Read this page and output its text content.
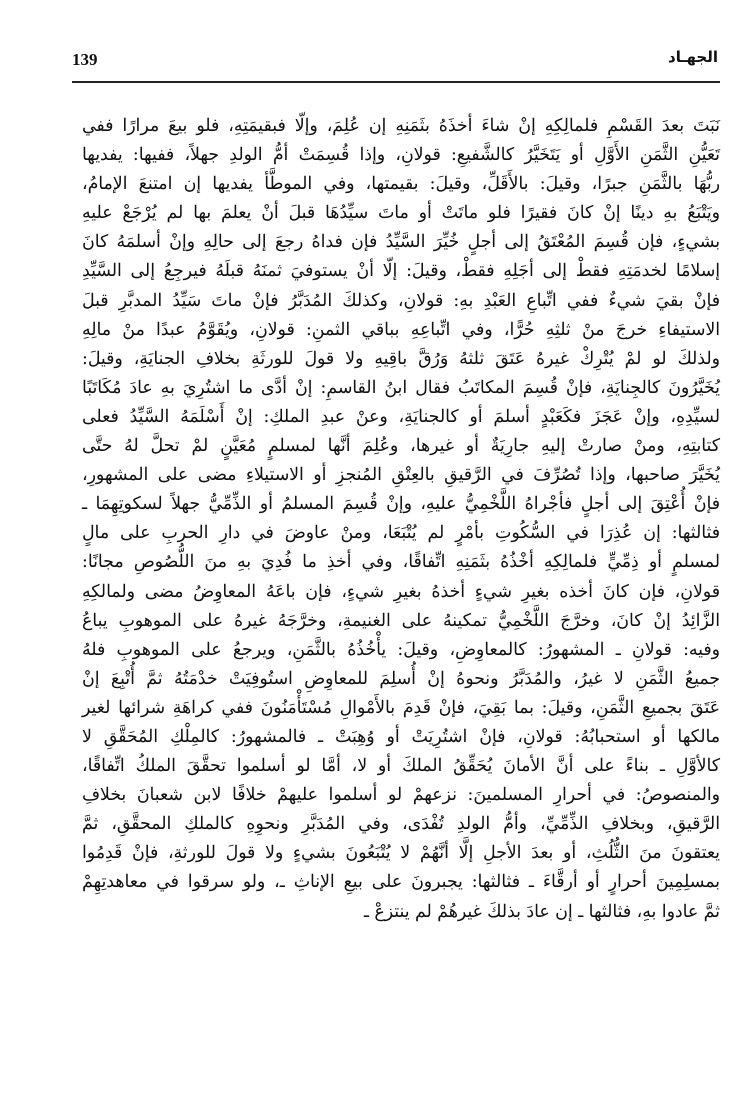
139	الجهـاد
نَبَتَ بعدَ القَسْمِ فلمالِكِهِ إنْ شاءَ أخذَهُ بثَمَنِهِ إن عُلِمَ، وإلّا فبقيمَتِهِ، فلو بيعَ مرارًا ففي
تَعَيُّنِ الثَّمَنِ الأَوَّلِ أو يَتَخَيَّرُ كالشَّفيعِ: قولانِ، وإذا قُسِمَتْ أمُّ الولدِ جهلاً، ففيها: يفديها
ربُّهَا بالثَّمَنِ جبرًا، وقيلَ: بالأَقَلِّ، وقيلَ: بقيمتها، وفي الموطَّأ يفديها إن امتنعَ الإمامُ،
ويَتْبَعُ بهِ دينًا إنْ كانَ فقيرًا فلو ماتَتْ أو ماتَ سيِّدُهَا قبلَ أنْ يعلمَ بها لم يُرْجَعْ عليهِ
بشيءٍ، فإن قُسِمَ المُعْتَقُ إلى أجلٍ خُيِّرَ السَّيِّدُ فإن فداهُ رجعَ إلى حالِهِ وإنْ أسلمَهُ كانَ
إسلامًا لخدمَتِهِ فقطْ إلى أجَلِهِ فقطْ، وقيلَ: إلّا أنْ يستوفيَ ثمنَهُ قبلَهُ فيرجِعُ إلى السَّيِّدِ
فإنْ بقيَ شيءٌ ففي اتِّباعِ العَبْدِ بهِ: قولانِ، وكذلكَ المُدَبَّرُ فإنْ ماتَ سَيِّدُ المدبَّرِ قبلَ
الاستيفاءِ خرجَ منْ ثلثِهِ حُرًّا، وفي اتِّباعِهِ بباقي الثمنِ: قولانِ، ويُقَوَّمُ عبدًا منْ مالِهِ
ولذلكَ لو لمْ يُتْرِكْ غيرهُ عَتَقَ ثلثهُ وَرُقَّ باقِيهِ ولا قولَ للورثَةِ بخلافِ الجنايَةِ، وقيلَ:
يُخَيَّرُونَ كالجِنايَةِ، فإنْ قُسِمَ المكاتَبُ فقال ابنُ القاسمِ: إنْ أدَّى ما اشتُرِيَ بهِ عادَ مُكَاتَبًا
لسيِّدِهِ، وإنْ عَجَزَ فكَعَبْدٍ أسلمَ أو كالجنايَةِ، وعنْ عبدِ الملكِ: إنْ أَسْلَمَهُ السَّيِّدُ فعلى
كتابتِهِ، ومنْ صارتْ إليهِ جارِيَةٌ أو غيرها، وعُلِمَ أنَّها لمسلمٍ مُعَيَّنٍ لمْ تحلَّ لهُ حتَّى
يُخَيَّرَ صاحبها، وإذا تُصُرِّفَ في الرَّقيقِ بالعِتْقِ المُنجزِ أو الاستيلاءِ مضى على المشهورِ،
فإنْ أُعْتِقَ إلى أجلٍ فأجْراهُ اللَّخْمِيُّ عليهِ، وإنْ قُسِمَ المسلمُ أو الذِّمِّيُّ جهلاً لسكوتِهِمَا ـ
فثالثها: إن عُذِرَا في السُّكُوتِ بأمْرٍ لم يُتْبَعَا، ومنْ عاوضَ في دارِ الحربِ على مالٍ
لمسلمٍ أو ذِمِّيٍّ فلمالِكِهِ أخْذُهُ بثَمَنِهِ اتِّفاقًا، وفي أخذِ ما فُدِيَ بهِ منَ اللُّصُوصِ مجانًا:
قولانِ، فإن كانَ أخذه بغيرِ شيءٍ أخذهُ بغيرِ شيءٍ، فإن باعَهُ المعاوِضُ مضى ولمالكِهِ
الزَّائِدُ إنْ كانَ، وخرَّجَ اللَّخْمِيُّ تمكينهُ على الغنيمةِ، وخرَّجَهُ غيرهُ على الموهوبِ يباعُ
وفيه: قولانِ ـ المشهورُ: كالمعاوِضِ، وقيلَ: يأْخُذُهُ بالثَّمَنِ، ويرجعُ على الموهوبِ فلهُ
جميعُ الثَّمَنِ لا غيرُ، والمُدَبَّرُ ونحوهُ إنْ أُسلِمَ للمعاوِضِ استُوفِيَتْ خدْمَتُهُ ثمَّ أُتْبِعَ إنْ
عَتَقَ بجميعِ الثَّمَنِ، وقيلَ: بما بَقِيَ، فإنْ قَدِمَ بالأَمْوالِ مُسْتَأْمَنُونَ ففي كراهَةِ شرائها لغير
مالكها أو استحبابُهُ: قولانِ، فإنْ اشتُرِيَتْ أو وُهِبَتْ ـ فالمشهورُ: كالمِلْكِ المُحَقَّقِ لا
كالأوَّلِ ـ بناءً على أنَّ الأمانَ يُحَقِّقُ الملكَ أو لا، أمَّا لو أسلموا تحقَّقَ الملكُ اتِّفاقًا،
والمنصوصُ: في أحرارِ المسلمينَ: نزعهمْ لو أسلموا عليهمْ خلافًا لابن شعبانَ بخلافِ
الرَّقيقِ، وبخلافِ الذِّمِّيِّ، وأمُّ الولدِ تُفْدَى، وفي المُدَبَّرِ ونحوِهِ كالملكِ المحقَّقِ، ثمَّ
يعتقونَ منَ الثُّلُثِ، أو بعدَ الأجلِ إلَّا أنَّهُمْ لا يُتْبَعُونَ بشيءٍ ولا قولَ للورثةِ، فإنْ قَدِمُوا
بمسلِمِينَ أحرارٍ أو أرقَّاءَ ـ فثالثها: يجبرونَ على بيعِ الإناثِ ـ، ولو سرقوا في معاهدتِهِمْ
ثمَّ عادوا بهِ، فثالثها ـ إن عادَ بذلكَ غيرهُمْ لم ينتزعْ ـ
